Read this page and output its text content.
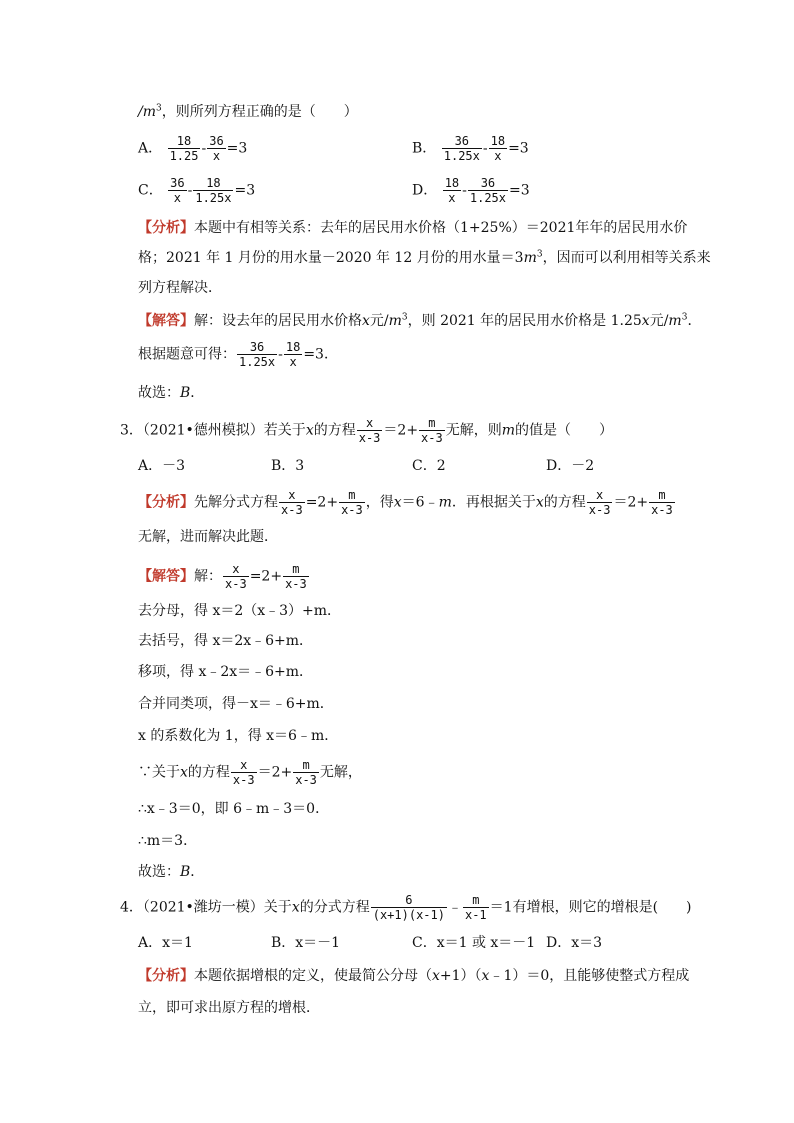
$/m^3$，则所列方程正确的是（　　）
A． $\frac{18}{1.25} - \frac{36}{x} =3$	B． $\frac{36}{1.25x} - \frac{18}{x} =3$
C． $\frac{36}{x} - \frac{18}{1.25x} =3$	D． $\frac{18}{x} - \frac{36}{1.25x} =3$
【分析】本题中有相等关系：去年的居民用水价格（1+25%）＝2021年年的居民用水价
格；2021 年 1 月份的用水量－2020 年 12 月份的用水量$=3m^3$，因而可以利用相等关系来
列方程解决．
【解答】解：设去年的居民用水价格x元$/m^3$，则 2021 年的居民用水价格是 1.25x元$/m^3$．
根据题意可得： $\frac{36}{1.25x} - \frac{18}{x} =3$．
故选：B．
3．（2021•德州模拟）若关于x的方程 $\frac{x}{x-3} =2+ \frac{m}{x-3}$ 无解，则m的值是（　　）
A．－3	B．3	C．2	D．－2
【分析】先解分式方程 $\frac{x}{x-3} =2+ \frac{m}{x-3}$ ，得x＝6﹣m．再根据关于x的方程 $\frac{x}{x-3} =2+ \frac{m}{x-3}$
无解，进而解决此题．
【解答】解： $\frac{x}{x-3} =2+ \frac{m}{x-3}$
去分母，得 x＝2（x﹣3）+m．
去括号，得 x＝2x﹣6+m．
移项，得 x﹣2x＝﹣6+m．
合并同类项，得－x＝﹣6+m．
x 的系数化为 1，得 x＝6﹣m．
∵关于x的方程 $\frac{x}{x-3} =2+ \frac{m}{x-3}$ 无解，
∴x﹣3＝0，即 6﹣m﹣3＝0．
∴m＝3．
故选：B．
4．（2021•潍坊一模）关于x的分式方程 $\frac{6}{(x+1)(x-1)}$ ﹣ $\frac{m}{x-1} =1$有增根，则它的增根是(　　)
A．x＝1	B．x＝－1	C．x＝1 或 x＝－1 D．x＝3
【分析】本题依据增根的定义，使最简公分母（x+1）（x﹣1）＝0，且能够使整式方程成
立，即可求出原方程的增根．
